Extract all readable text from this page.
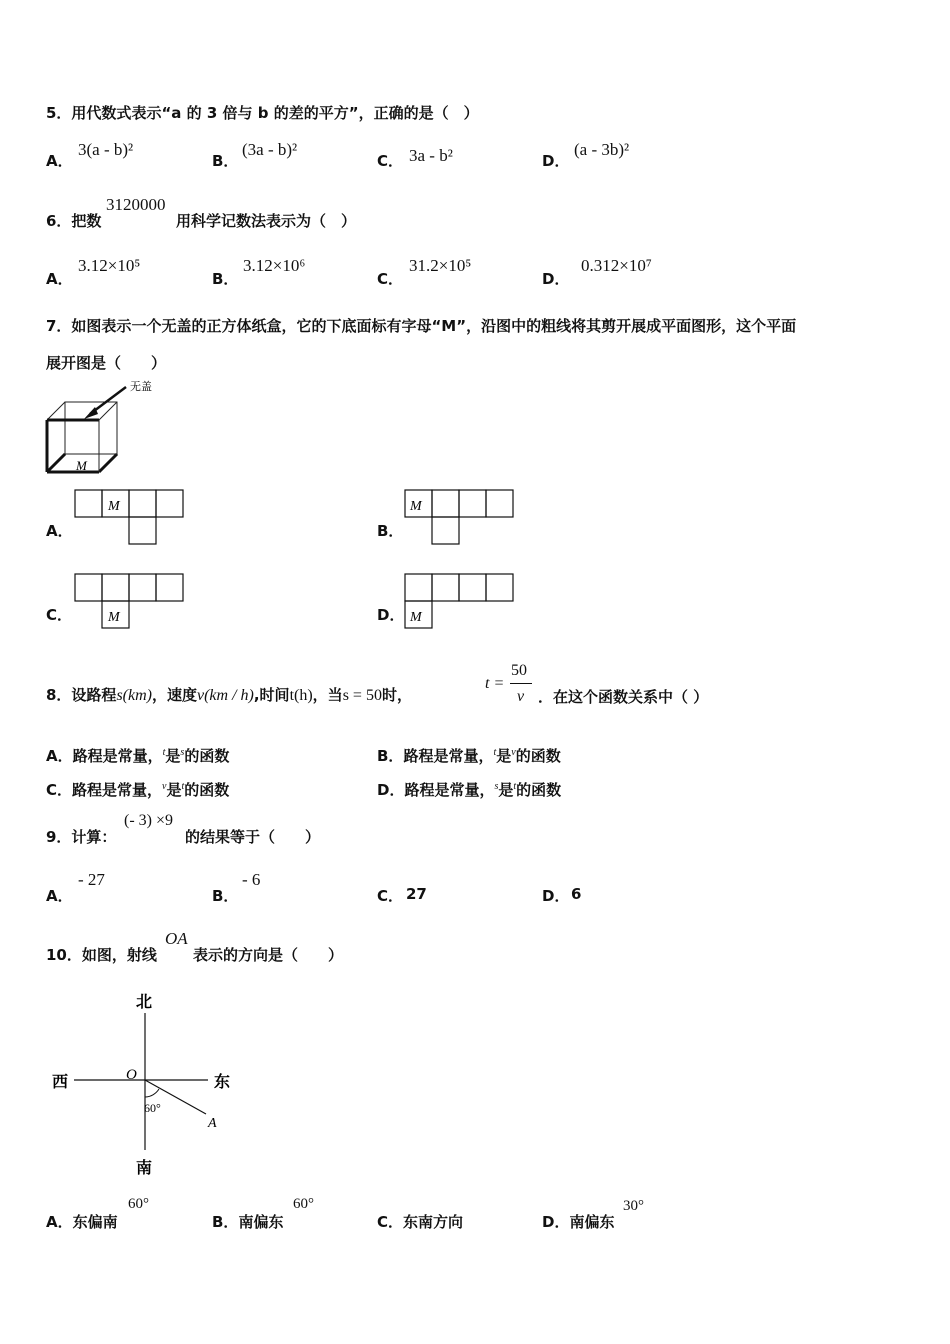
5．用代数式表示“a 的 3 倍与 b 的差的平方”，正确的是（　）
A．
3(a - b)²
B．
(3a - b)²
C． 3a - b²	D．
(a - 3b)²
6．把数
3120000
用科学记数法表示为（　）
A．
3.12×10⁵
B．
3.12×10⁶
C．
31.2×10⁵
D．
0.312×10⁷
7．如图表示一个无盖的正方体纸盒，它的下底面标有字母“M”，沿图中的粗线将其剪开展成平面图形，这个平面
展开图是（　　）
无盖
M
A．
M
B．
M
C．	M	D． M
8．设路程s(km)，速度v(km / h),时间t(h)，当s = 50时，
t =
50
v ．在这个函数关系中（ ）
A．路程是常量，$^t$是$^s$的函数	B．路程是常量，$^t$是$^v$的函数
C．路程是常量，$^v$是$^t$的函数	D．路程是常量，$^s$是$^t$的函数
9．计算：
(- 3) ×9
的结果等于（　　）
A．
- 27
B．
- 6
C． 27	D． 6
10．如图，射线
OA
表示的方向是（　　）
北
南
西	东
O
A
60°
A．东偏南
60°
B．南偏东
60°
C．东南方向	D．南偏东
30°
